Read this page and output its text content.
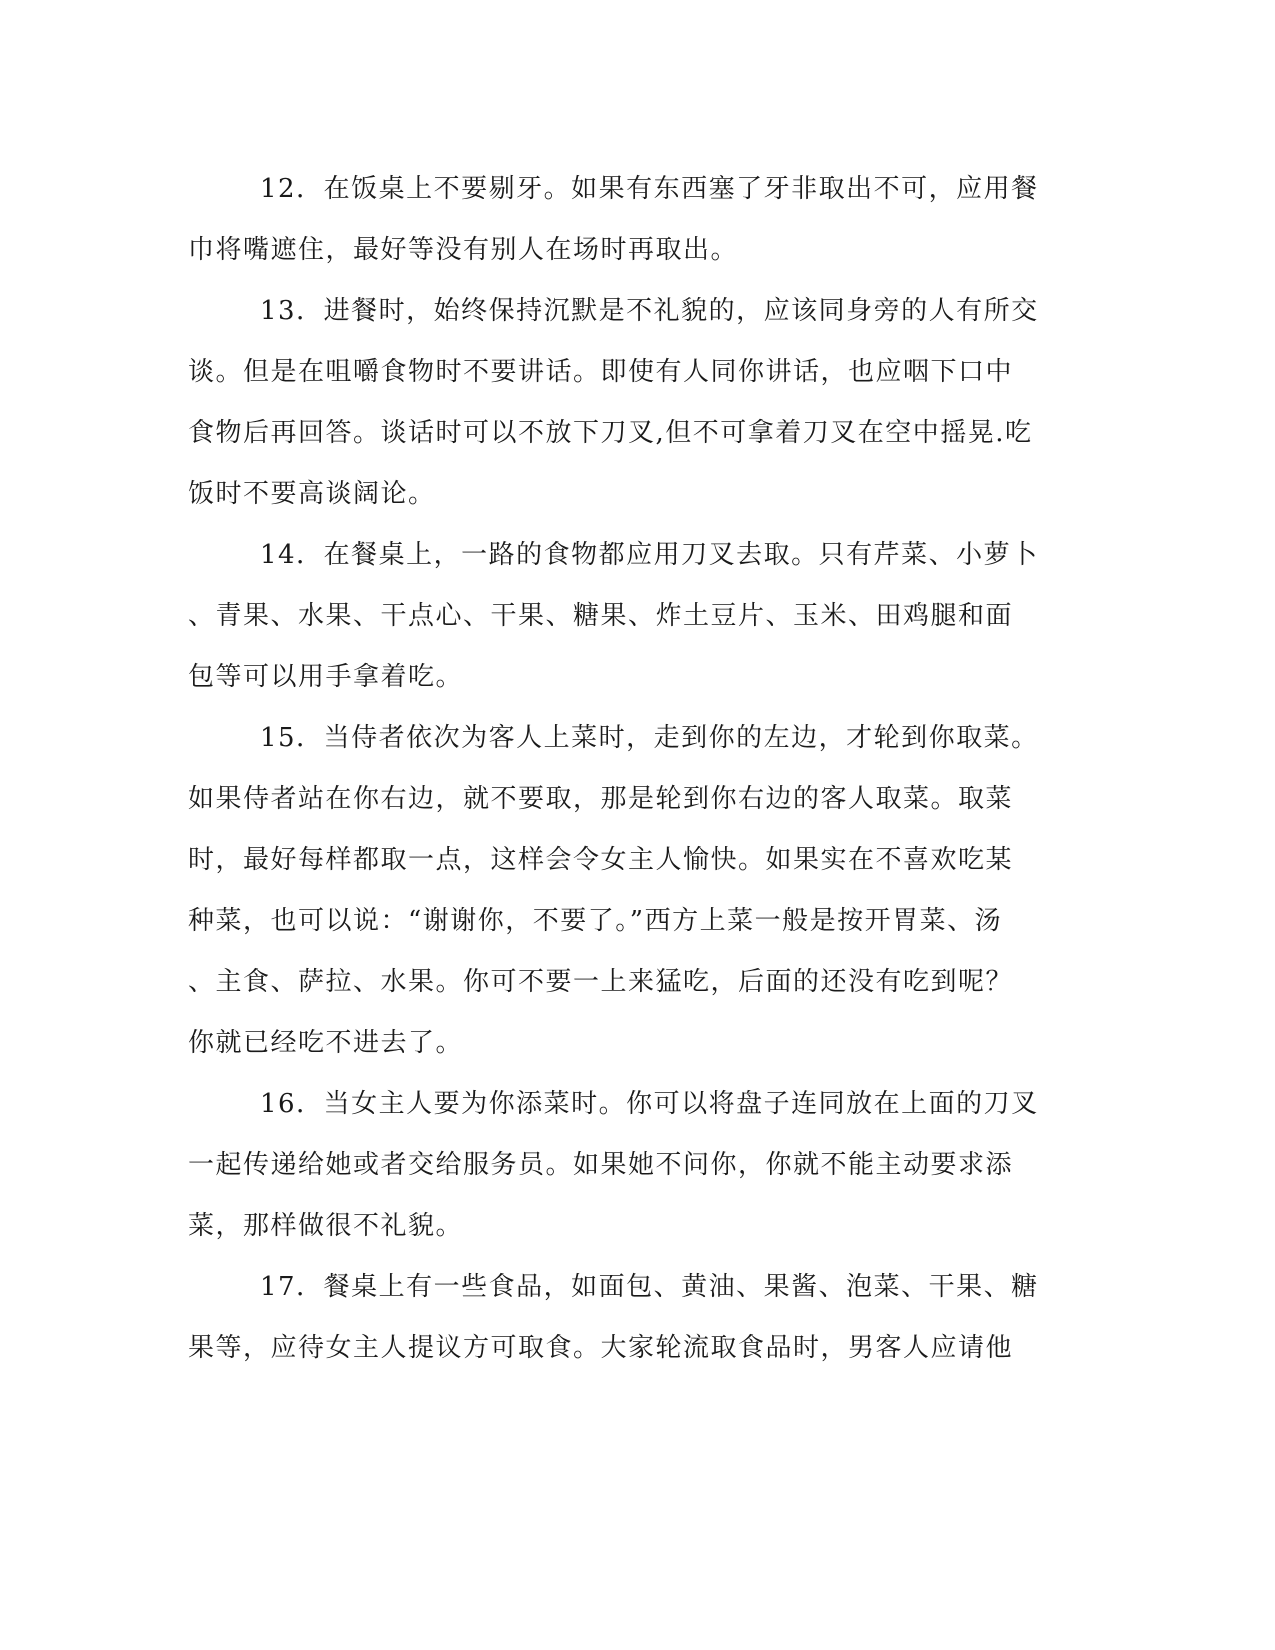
12．在饭桌上不要剔牙。如果有东西塞了牙非取出不可，应用餐
巾将嘴遮住，最好等没有别人在场时再取出。
13．进餐时，始终保持沉默是不礼貌的，应该同身旁的人有所交
谈。但是在咀嚼食物时不要讲话。即使有人同你讲话，也应咽下口中
食物后再回答。谈话时可以不放下刀叉,但不可拿着刀叉在空中摇晃.吃
饭时不要高谈阔论。
14．在餐桌上，一路的食物都应用刀叉去取。只有芹菜、小萝卜
、青果、水果、干点心、干果、糖果、炸土豆片、玉米、田鸡腿和面
包等可以用手拿着吃。
15．当侍者依次为客人上菜时，走到你的左边，才轮到你取菜。
如果侍者站在你右边，就不要取，那是轮到你右边的客人取菜。取菜
时，最好每样都取一点，这样会令女主人愉快。如果实在不喜欢吃某
种菜，也可以说：“谢谢你，不要了。”西方上菜一般是按开胃菜、汤
、主食、萨拉、水果。你可不要一上来猛吃，后面的还没有吃到呢？
你就已经吃不进去了。
16．当女主人要为你添菜时。你可以将盘子连同放在上面的刀叉
一起传递给她或者交给服务员。如果她不问你，你就不能主动要求添
菜，那样做很不礼貌。
17．餐桌上有一些食品，如面包、黄油、果酱、泡菜、干果、糖
果等，应待女主人提议方可取食。大家轮流取食品时，男客人应请他
